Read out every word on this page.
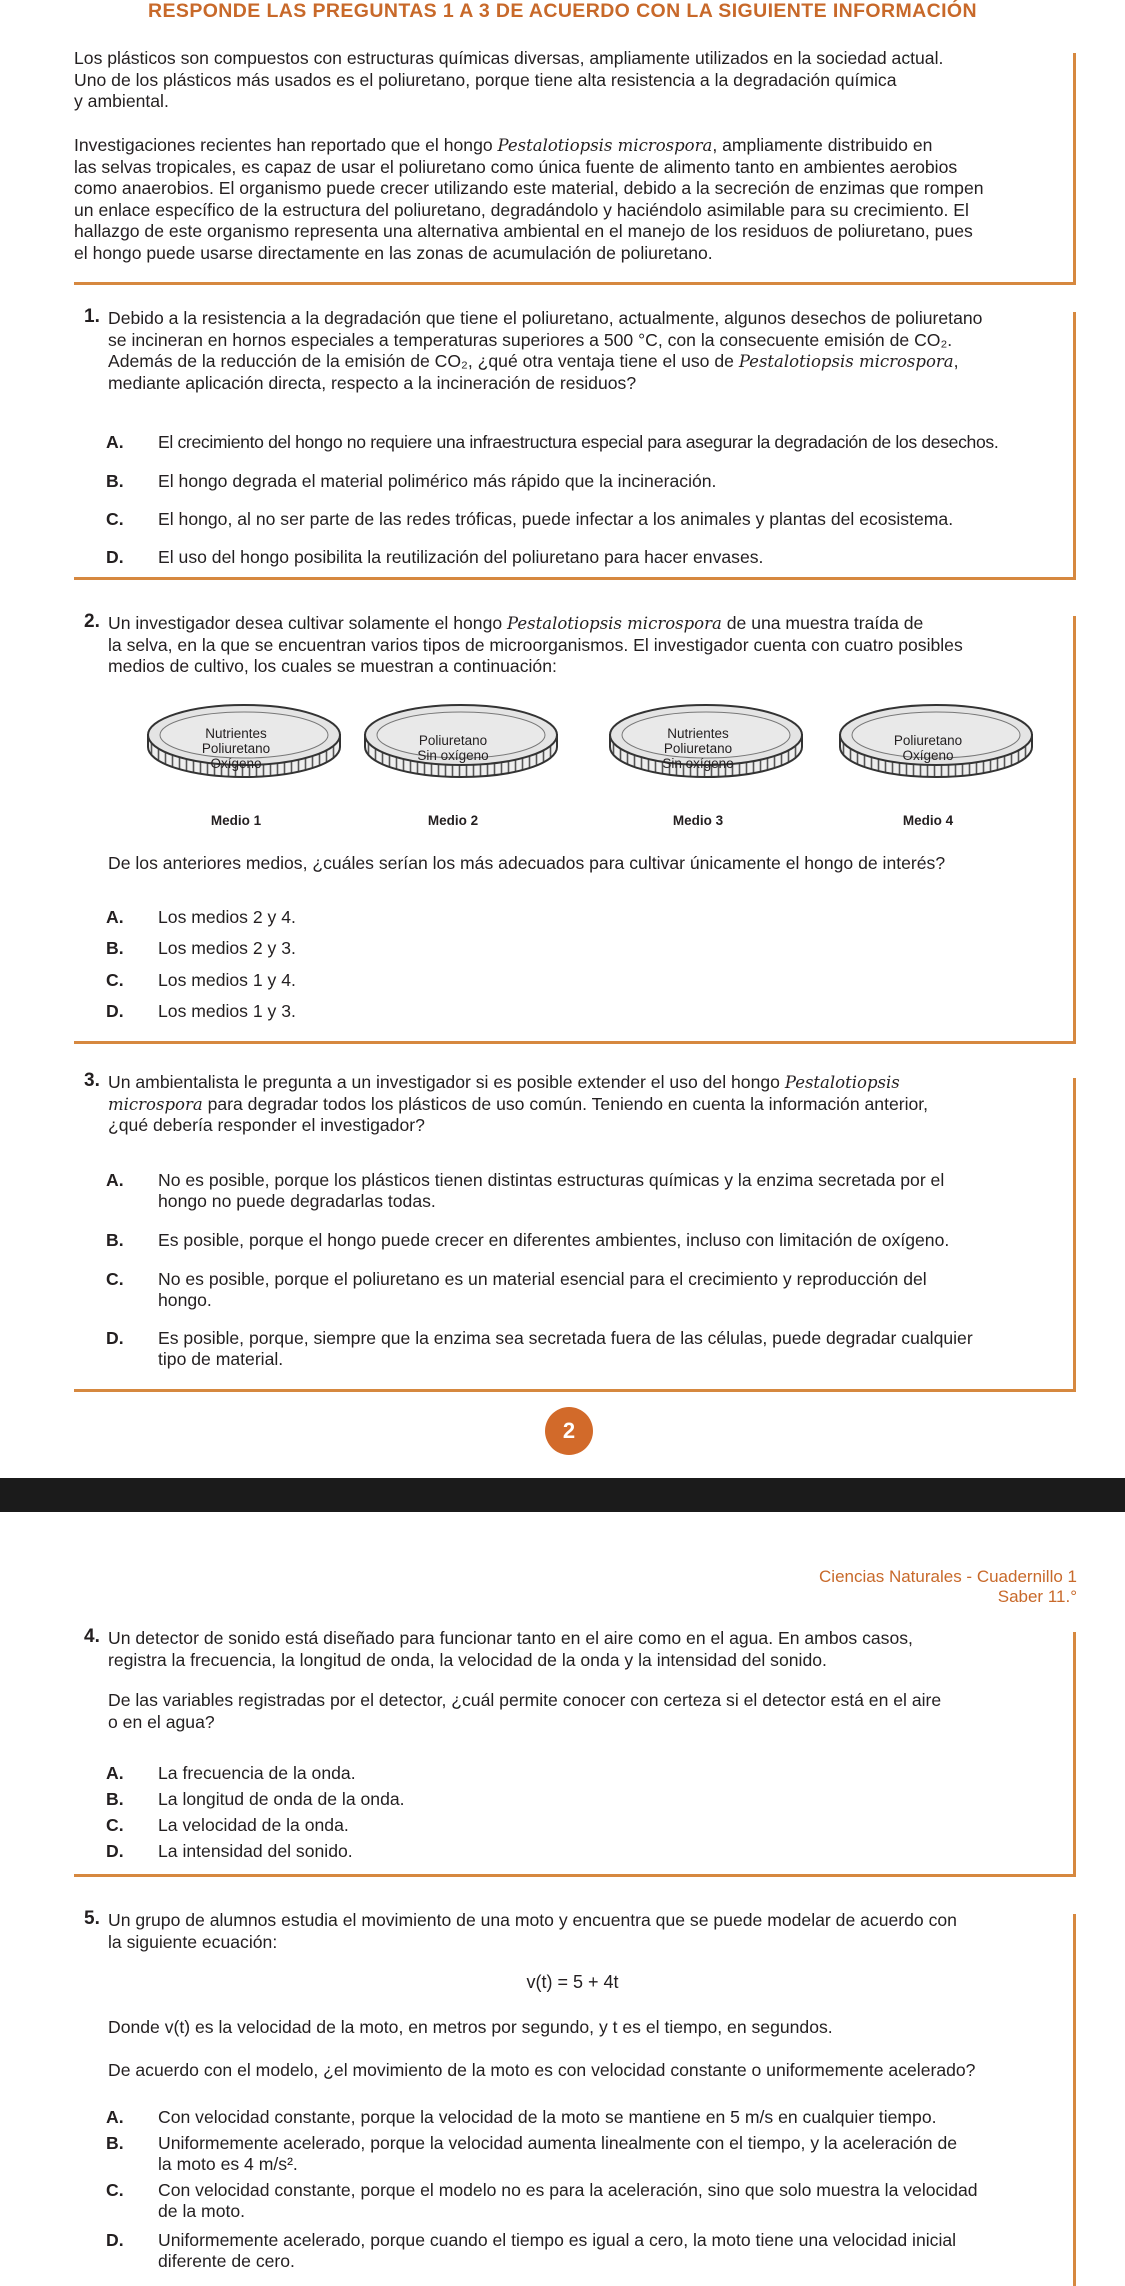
RESPONDE LAS PREGUNTAS 1 A 3 DE ACUERDO CON LA SIGUIENTE INFORMACIÓN
Los plásticos son compuestos con estructuras químicas diversas, ampliamente utilizados en la sociedad actual.
Uno de los plásticos más usados es el poliuretano, porque tiene alta resistencia a la degradación química
y ambiental.
Investigaciones recientes han reportado que el hongo Pestalotiopsis microspora, ampliamente distribuido en
las selvas tropicales, es capaz de usar el poliuretano como única fuente de alimento tanto en ambientes aerobios
como anaerobios. El organismo puede crecer utilizando este material, debido a la secreción de enzimas que rompen
un enlace específico de la estructura del poliuretano, degradándolo y haciéndolo asimilable para su crecimiento. El
hallazgo de este organismo representa una alternativa ambiental en el manejo de los residuos de poliuretano, pues
el hongo puede usarse directamente en las zonas de acumulación de poliuretano.
1. Debido a la resistencia a la degradación que tiene el poliuretano, actualmente, algunos desechos de poliuretano
se incineran en hornos especiales a temperaturas superiores a 500 °C, con la consecuente emisión de CO₂.
Además de la reducción de la emisión de CO₂, ¿qué otra ventaja tiene el uso de Pestalotiopsis microspora,
mediante aplicación directa, respecto a la incineración de residuos?
A. El crecimiento del hongo no requiere una infraestructura especial para asegurar la degradación de los desechos.
B. El hongo degrada el material polimérico más rápido que la incineración.
C. El hongo, al no ser parte de las redes tróficas, puede infectar a los animales y plantas del ecosistema.
D. El uso del hongo posibilita la reutilización del poliuretano para hacer envases.
2. Un investigador desea cultivar solamente el hongo Pestalotiopsis microspora de una muestra traída de
la selva, en la que se encuentran varios tipos de microorganismos. El investigador cuenta con cuatro posibles
medios de cultivo, los cuales se muestran a continuación:
Nutrientes
Poliuretano
Oxígeno
Poliuretano
Sin oxígeno
Nutrientes
Poliuretano
Sin oxígeno
Poliuretano
Oxígeno
Medio 1	Medio 2	Medio 3	Medio 4
De los anteriores medios, ¿cuáles serían los más adecuados para cultivar únicamente el hongo de interés?
A. Los medios 2 y 4.
B. Los medios 2 y 3.
C. Los medios 1 y 4.
D. Los medios 1 y 3.
3. Un ambientalista le pregunta a un investigador si es posible extender el uso del hongo Pestalotiopsis
microspora para degradar todos los plásticos de uso común. Teniendo en cuenta la información anterior,
¿qué debería responder el investigador?
A. No es posible, porque los plásticos tienen distintas estructuras químicas y la enzima secretada por el
hongo no puede degradarlas todas.
B. Es posible, porque el hongo puede crecer en diferentes ambientes, incluso con limitación de oxígeno.
C. No es posible, porque el poliuretano es un material esencial para el crecimiento y reproducción del
hongo.
D. Es posible, porque, siempre que la enzima sea secretada fuera de las células, puede degradar cualquier
tipo de material.
2
Ciencias Naturales - Cuadernillo 1
Saber 11.°
4. Un detector de sonido está diseñado para funcionar tanto en el aire como en el agua. En ambos casos,
registra la frecuencia, la longitud de onda, la velocidad de la onda y la intensidad del sonido.
De las variables registradas por el detector, ¿cuál permite conocer con certeza si el detector está en el aire
o en el agua?
A. La frecuencia de la onda.
B. La longitud de onda de la onda.
C. La velocidad de la onda.
D. La intensidad del sonido.
5. Un grupo de alumnos estudia el movimiento de una moto y encuentra que se puede modelar de acuerdo con
la siguiente ecuación:
v(t) = 5 + 4t
Donde v(t) es la velocidad de la moto, en metros por segundo, y t es el tiempo, en segundos.
De acuerdo con el modelo, ¿el movimiento de la moto es con velocidad constante o uniformemente acelerado?
A. Con velocidad constante, porque la velocidad de la moto se mantiene en 5 m/s en cualquier tiempo.
B. Uniformemente acelerado, porque la velocidad aumenta linealmente con el tiempo, y la aceleración de
la moto es 4 m/s².
C. Con velocidad constante, porque el modelo no es para la aceleración, sino que solo muestra la velocidad
de la moto.
D. Uniformemente acelerado, porque cuando el tiempo es igual a cero, la moto tiene una velocidad inicial
diferente de cero.
